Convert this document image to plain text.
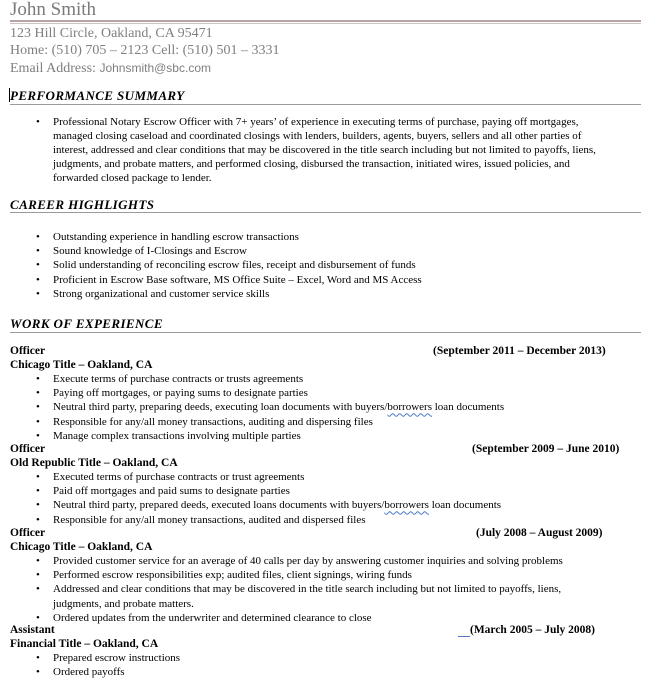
John Smith
123 Hill Circle, Oakland, CA 95471
Home: (510) 705 – 2123 Cell: (510) 501 – 3331
Email Address: Johnsmith@sbc.com
PERFORMANCE SUMMARY
• Professional Notary Escrow Officer with 7+ years’ of experience in executing terms of purchase, paying off mortgages, managed closing caseload and coordinated closings with lenders, builders, agents, buyers, sellers and all other parties of interest, addressed and clear conditions that may be discovered in the title search including but not limited to payoffs, liens, judgments, and probate matters, and performed closing, disbursed the transaction, initiated wires, issued policies, and forwarded closed package to lender.
CAREER HIGHLIGHTS
• Outstanding experience in handling escrow transactions
• Sound knowledge of I-Closings and Escrow
• Solid understanding of reconciling escrow files, receipt and disbursement of funds
• Proficient in Escrow Base software, MS Office Suite – Excel, Word and MS Access
• Strong organizational and customer service skills
WORK OF EXPERIENCE
Officer	(September 2011 – December 2013)
Chicago Title – Oakland, CA
• Execute terms of purchase contracts or trusts agreements
• Paying off mortgages, or paying sums to designate parties
• Neutral third party, preparing deeds, executing loan documents with buyers/borrowers loan documents
• Responsible for any/all money transactions, auditing and dispersing files
• Manage complex transactions involving multiple parties
Officer	(September 2009 – June 2010)
Old Republic Title – Oakland, CA
• Executed terms of purchase contracts or trust agreements
• Paid off mortgages and paid sums to designate parties
• Neutral third party, prepared deeds, executed loans documents with buyers/borrowers loan documents
• Responsible for any/all money transactions, audited and dispersed files
Officer	(July 2008 – August 2009)
Chicago Title – Oakland, CA
• Provided customer service for an average of 40 calls per day by answering customer inquiries and solving problems
• Performed escrow responsibilities exp; audited files, client signings, wiring funds
• Addressed and clear conditions that may be discovered in the title search including but not limited to payoffs, liens,
judgments, and probate matters.
• Ordered updates from the underwriter and determined clearance to close
Assistant	(March 2005 – July 2008)
Financial Title – Oakland, CA
• Prepared escrow instructions
• Ordered payoffs
